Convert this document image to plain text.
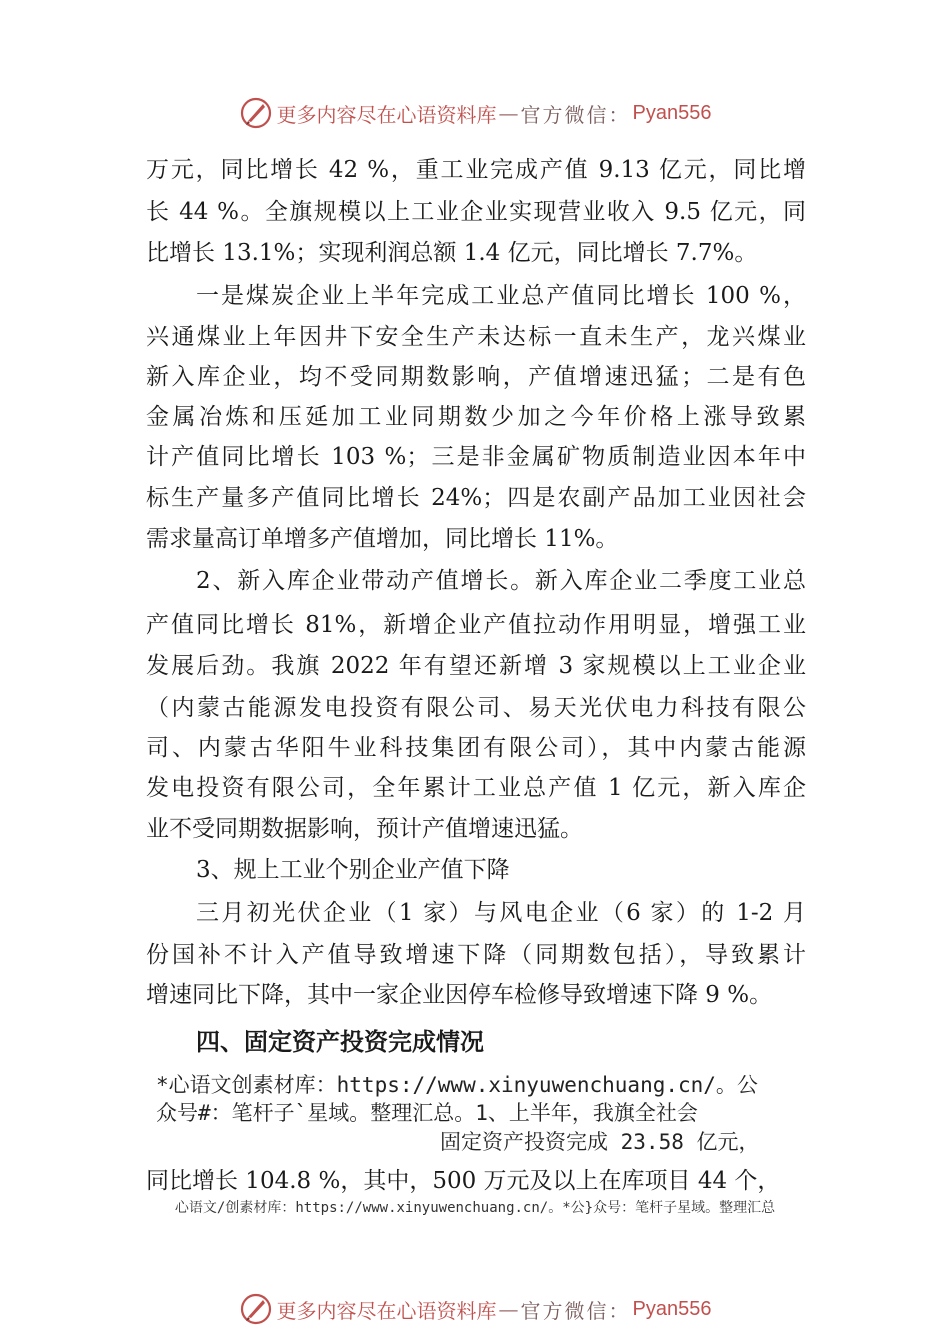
更多内容尽在心语资料库 — 官方微信： Pyan556
万元，同比增长 42 %，重工业完成产值 9.13 亿元，同比增
长 44 %。全旗规模以上工业企业实现营业收入 9.5 亿元，同
比增长 13.1%；实现利润总额 1.4 亿元，同比增长 7.7%。
一是煤炭企业上半年完成工业总产值同比增长 100 %，
兴通煤业上年因井下安全生产未达标一直未生产，龙兴煤业
新入库企业，均不受同期数影响，产值增速迅猛；二是有色
金属冶炼和压延加工业同期数少加之今年价格上涨导致累
计产值同比增长 103 %；三是非金属矿物质制造业因本年中
标生产量多产值同比增长 24%；四是农副产品加工业因社会
需求量高订单增多产值增加，同比增长 11%。
2、新入库企业带动产值增长。新入库企业二季度工业总
产值同比增长 81%，新增企业产值拉动作用明显，增强工业
发展后劲。我旗 2022 年有望还新增 3 家规模以上工业企业
（内蒙古能源发电投资有限公司、易天光伏电力科技有限公
司、内蒙古华阳牛业科技集团有限公司），其中内蒙古能源
发电投资有限公司，全年累计工业总产值 1 亿元，新入库企
业不受同期数据影响，预计产值增速迅猛。
3、规上工业个别企业产值下降
三月初光伏企业（1 家）与风电企业（6 家）的 1-2 月
份国补不计入产值导致增速下降（同期数包括），导致累计
增速同比下降，其中一家企业因停车检修导致增速下降 9 %。
四、固定资产投资完成情况
*心语文创素材库：https://www.xinyuwenchuang.cn/。公
众号#：笔杆子`星域。整理汇总。1、上半年，我旗全社会
固定资产投资完成 23.58 亿元，
同比增长 104.8 %，其中，500 万元及以上在库项目 44 个，
心语文/创素材库：https://www.xinyuwenchuang.cn/。*公}众号：笔杆子星域。整理汇总
更多内容尽在心语资料库 — 官方微信： Pyan556
